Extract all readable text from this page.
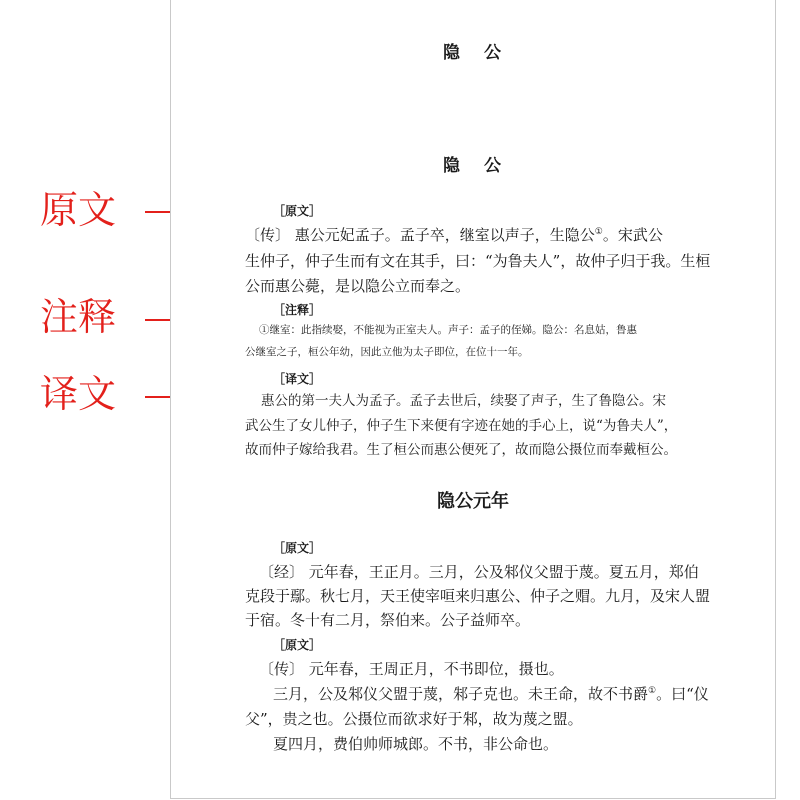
原文
注释
译文
隐 公
隐 公
［原文］
〔传〕 惠公元妃孟子。孟子卒，继室以声子，生隐公①。宋武公
生仲子，仲子生而有文在其手，曰：“为鲁夫人”，故仲子归于我。生桓
公而惠公薨，是以隐公立而奉之。
［注释］
①继室：此指续娶，不能视为正室夫人。声子：孟子的侄娣。隐公：名息姑，鲁惠
公继室之子，桓公年幼，因此立他为太子即位，在位十一年。
［译文］
惠公的第一夫人为孟子。孟子去世后，续娶了声子，生了鲁隐公。宋
武公生了女儿仲子，仲子生下来便有字迹在她的手心上，说“为鲁夫人”，
故而仲子嫁给我君。生了桓公而惠公便死了，故而隐公摄位而奉戴桓公。
隐公元年
［原文］
〔经〕 元年春，王正月。三月，公及邾仪父盟于蔑。夏五月，郑伯
克段于鄢。秋七月，天王使宰咺来归惠公、仲子之赗。九月，及宋人盟
于宿。冬十有二月，祭伯来。公子益师卒。
［原文］
〔传〕 元年春，王周正月，不书即位，摄也。
三月，公及邾仪父盟于蔑，邾子克也。未王命，故不书爵①。曰“仪
父”，贵之也。公摄位而欲求好于邾，故为蔑之盟。
夏四月，费伯帅师城郎。不书，非公命也。
